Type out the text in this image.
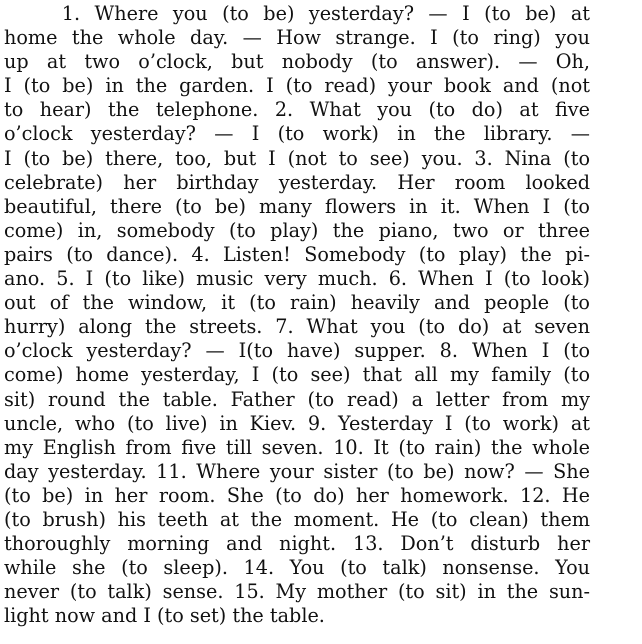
1. Where you (to be) yesterday? — I (to be) at
home the whole day. — How strange. I (to ring) you
up at two o’clock, but nobody (to answer). — Oh,
I (to be) in the garden. I (to read) your book and (not
to hear) the telephone. 2. What you (to do) at five
o’clock yesterday? — I (to work) in the library. —
I (to be) there, too, but I (not to see) you. 3. Nina (to
celebrate) her birthday yesterday. Her room looked
beautiful, there (to be) many flowers in it. When I (to
come) in, somebody (to play) the piano, two or three
pairs (to dance). 4. Listen! Somebody (to play) the pi-
ano. 5. I (to like) music very much. 6. When I (to look)
out of the window, it (to rain) heavily and people (to
hurry) along the streets. 7. What you (to do) at seven
o’clock yesterday? — I(to have) supper. 8. When I (to
come) home yesterday, I (to see) that all my family (to
sit) round the table. Father (to read) a letter from my
uncle, who (to live) in Kiev. 9. Yesterday I (to work) at
my English from five till seven. 10. It (to rain) the whole
day yesterday. 11. Where your sister (to be) now? — She
(to be) in her room. She (to do) her homework. 12. He
(to brush) his teeth at the moment. He (to clean) them
thoroughly morning and night. 13. Don’t disturb her
while she (to sleep). 14. You (to talk) nonsense. You
never (to talk) sense. 15. My mother (to sit) in the sun-
light now and I (to set) the table.
